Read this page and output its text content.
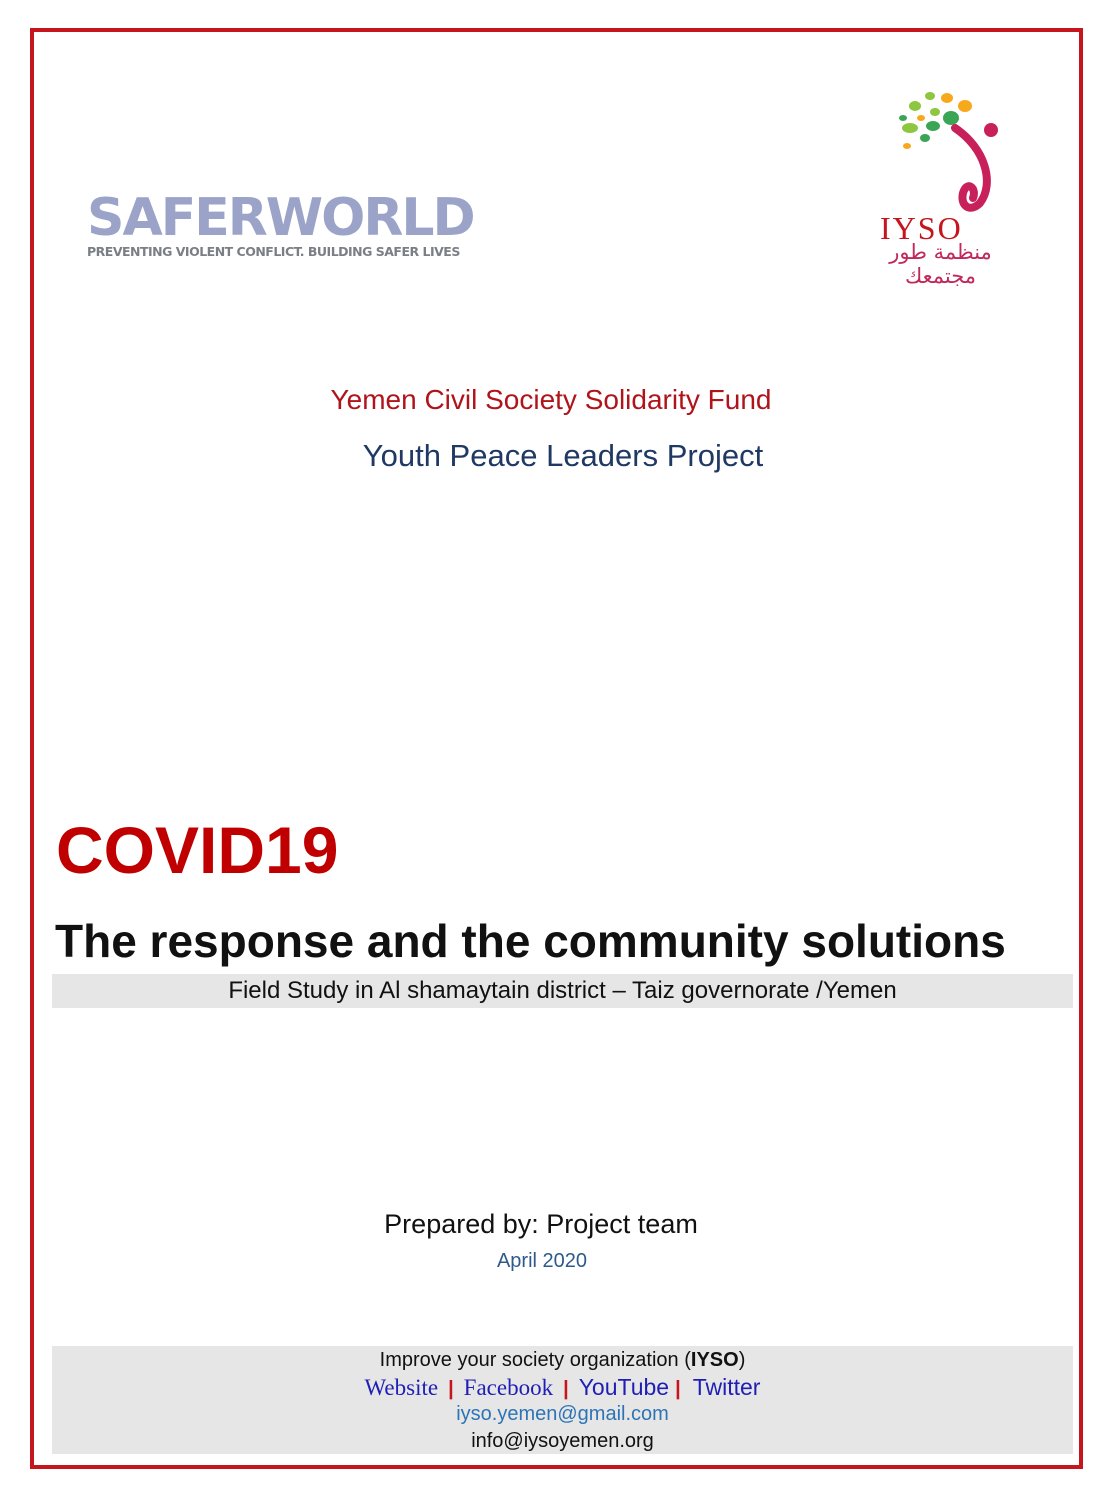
SAFERWORLD
PREVENTING VIOLENT CONFLICT. BUILDING SAFER LIVES
IYSO
منظمة طور مجتمعك
Yemen Civil Society Solidarity Fund
Youth Peace Leaders Project
COVID19
The response and the community solutions
Field Study in Al shamaytain district – Taiz governorate /Yemen
Prepared by: Project team
April 2020
Improve your society organization (IYSO)
Website | Facebook | YouTube | Twitter
iyso.yemen@gmail.com
info@iysoyemen.org
